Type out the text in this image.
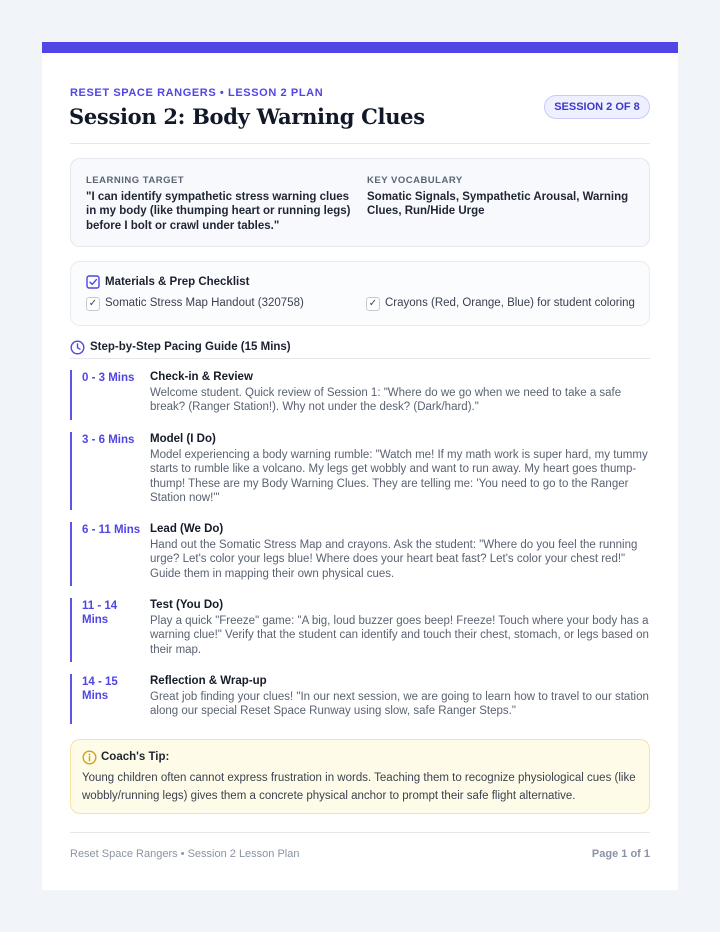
RESET SPACE RANGERS • LESSON 2 PLAN
Session 2: Body Warning Clues	SESSION 2 OF 8
LEARNING TARGET
"I can identify sympathetic stress warning clues in my body (like thumping heart or running legs) before I bolt or crawl under tables."
KEY VOCABULARY
Somatic Signals, Sympathetic Arousal, Warning Clues, Run/Hide Urge
Materials & Prep Checklist
✓ Somatic Stress Map Handout (320758)	✓ Crayons (Red, Orange, Blue) for student coloring
Step-by-Step Pacing Guide (15 Mins)
0 - 3 Mins	Check-in & Review
Welcome student. Quick review of Session 1: "Where do we go when we need to take a safe break? (Ranger Station!). Why not under the desk? (Dark/hard)."
3 - 6 Mins	Model (I Do)
Model experiencing a body warning rumble: "Watch me! If my math work is super hard, my tummy starts to rumble like a volcano. My legs get wobbly and want to run away. My heart goes thump-thump! These are my Body Warning Clues. They are telling me: 'You need to go to the Ranger Station now!'"
6 - 11 Mins Lead (We Do)
Hand out the Somatic Stress Map and crayons. Ask the student: "Where do you feel the running urge? Let's color your legs blue! Where does your heart beat fast? Let's color your chest red!" Guide them in mapping their own physical cues.
11 - 14 Mins
Test (You Do)
Play a quick "Freeze" game: "A big, loud buzzer goes beep! Freeze! Touch where your body has a warning clue!" Verify that the student can identify and touch their chest, stomach, or legs based on their map.
14 - 15 Mins
Reflection & Wrap-up
Great job finding your clues! "In our next session, we are going to learn how to travel to our station along our special Reset Space Runway using slow, safe Ranger Steps."
Coach's Tip:
Young children often cannot express frustration in words. Teaching them to recognize physiological cues (like wobbly/running legs) gives them a concrete physical anchor to prompt their safe flight alternative.
Reset Space Rangers • Session 2 Lesson Plan	Page 1 of 1
